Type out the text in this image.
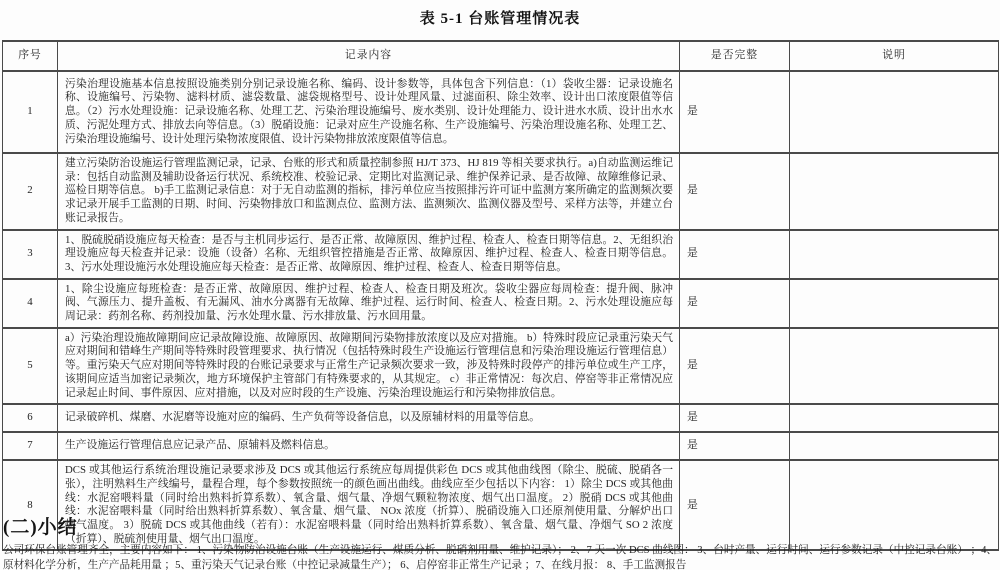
表 5-1 台账管理情况表
序号	记录内容	是否完整	说明
1	污染治理设施基本信息按照设施类别分别记录设施名称、编码、设计参数等，具体包含下列信息：（1）袋收尘器：记录设施名称、设施编号、污染物、滤料材质、滤袋数量、滤袋规格型号、设计处理风量、过滤面积、除尘效率、设计出口浓度限值等信息。（2）污水处理设施：记录设施名称、处理工艺、污染治理设施编号、废水类别、设计处理能力、设计进水水质、设计出水水质、污泥处理方式、排放去向等信息。（3）脱硝设施：记录对应生产设施名称、生产设施编号、污染治理设施名称、处理工艺、污染治理设施编号、设计处理污染物浓度限值、设计污染物排放浓度限值等信息。	是	
2	建立污染防治设施运行管理监测记录，记录、台账的形式和质量控制参照 HJ/T 373、HJ 819 等相关要求执行。a)自动监测运维记录：包括自动监测及辅助设备运行状况、系统校准、校验记录、定期比对监测记录、维护保养记录、是否故障、故障维修记录、巡检日期等信息。 b)手工监测记录信息：对于无自动监测的指标，排污单位应当按照排污许可证中监测方案所确定的监测频次要求记录开展手工监测的日期、时间、污染物排放口和监测点位、监测方法、监测频次、监测仪器及型号、采样方法等，并建立台账记录报告。	是	
3	1、脱硫脱硝设施应每天检查：是否与主机同步运行、是否正常、故障原因、维护过程、检查人、检查日期等信息。2、无组织治理设施应每天检查并记录：设施（设备）名称、无组织管控措施是否正常、故障原因、维护过程、检查人、检查日期等信息。 3、污水处理设施污水处理设施应每天检查：是否正常、故障原因、维护过程、检查人、检查日期等信息。	是	
4	1、除尘设施应每班检查：是否正常、故障原因、维护过程、检查人、检查日期及班次。袋收尘器应每周检查：提升阀、脉冲阀、气源压力、提升盖板、有无漏风、油水分离器有无故障、维护过程、运行时间、检查人、检查日期。2、污水处理设施应每周记录：药剂名称、药剂投加量、污水处理水量、污水排放量、污水回用量。	是	
5	a）污染治理设施故障期间应记录故障设施、故障原因、故障期间污染物排放浓度以及应对措施。 b）特殊时段应记录重污染天气应对期间和错峰生产期间等特殊时段管理要求、执行情况（包括特殊时段生产设施运行管理信息和污染治理设施运行管理信息）等。重污染天气应对期间等特殊时段的台账记录要求与正常生产记录频次要求一致，涉及特殊时段停产的排污单位或生产工序，该期间应适当加密记录频次，地方环境保护主管部门有特殊要求的，从其规定。 c）非正常情况：每次启、停窑等非正常情况应记录起止时间、事件原因、应对措施，以及对应时段的生产设施、污染治理设施运行和污染物排放信息。	是	
6	记录破碎机、煤磨、水泥磨等设施对应的编码、生产负荷等设备信息，以及原辅材料的用量等信息。	是	
7	生产设施运行管理信息应记录产品、原辅料及燃料信息。	是	
8	DCS 或其他运行系统治理设施记录要求涉及 DCS 或其他运行系统应每周提供彩色 DCS 或其他曲线图（除尘、脱硫、脱硝各一张），注明熟料生产线编号，量程合理，每个参数按照统一的颜色画出曲线。曲线应至少包括以下内容： 1）除尘 DCS 或其他曲线：水泥窑喂料量（同时给出熟料折算系数）、氧含量、烟气量、净烟气颗粒物浓度、烟气出口温度。 2）脱硝 DCS 或其他曲线：水泥窑喂料量（同时给出熟料折算系数）、氧含量、烟气量、 NOx 浓度（折算）、脱硝设施入口还原剂使用量、分解炉出口烟气温度。 3）脱硫 DCS 或其他曲线（若有）：水泥窑喂料量（同时给出熟料折算系数）、氧含量、烟气量、净烟气 SO 2 浓度（折算）、脱硫剂使用量、烟气出口温度。	是	
(二)小结
公司环保台账管理齐全，主要内容如下： 1、污染物防治设施台账（生产设施运行、煤质分析、脱硝剂用量、维护记录）； 2、7 天一次 DCS 曲线图： 3、台时产量、运行时间、运行参数记录（中控记录台账） ；4、原材料化学分析，生产产品耗用量 ；5、重污染天气记录台账（中控记录减量生产）； 6、启停窑非正常生产记录 ；7、在线月报： 8、手工监测报告
